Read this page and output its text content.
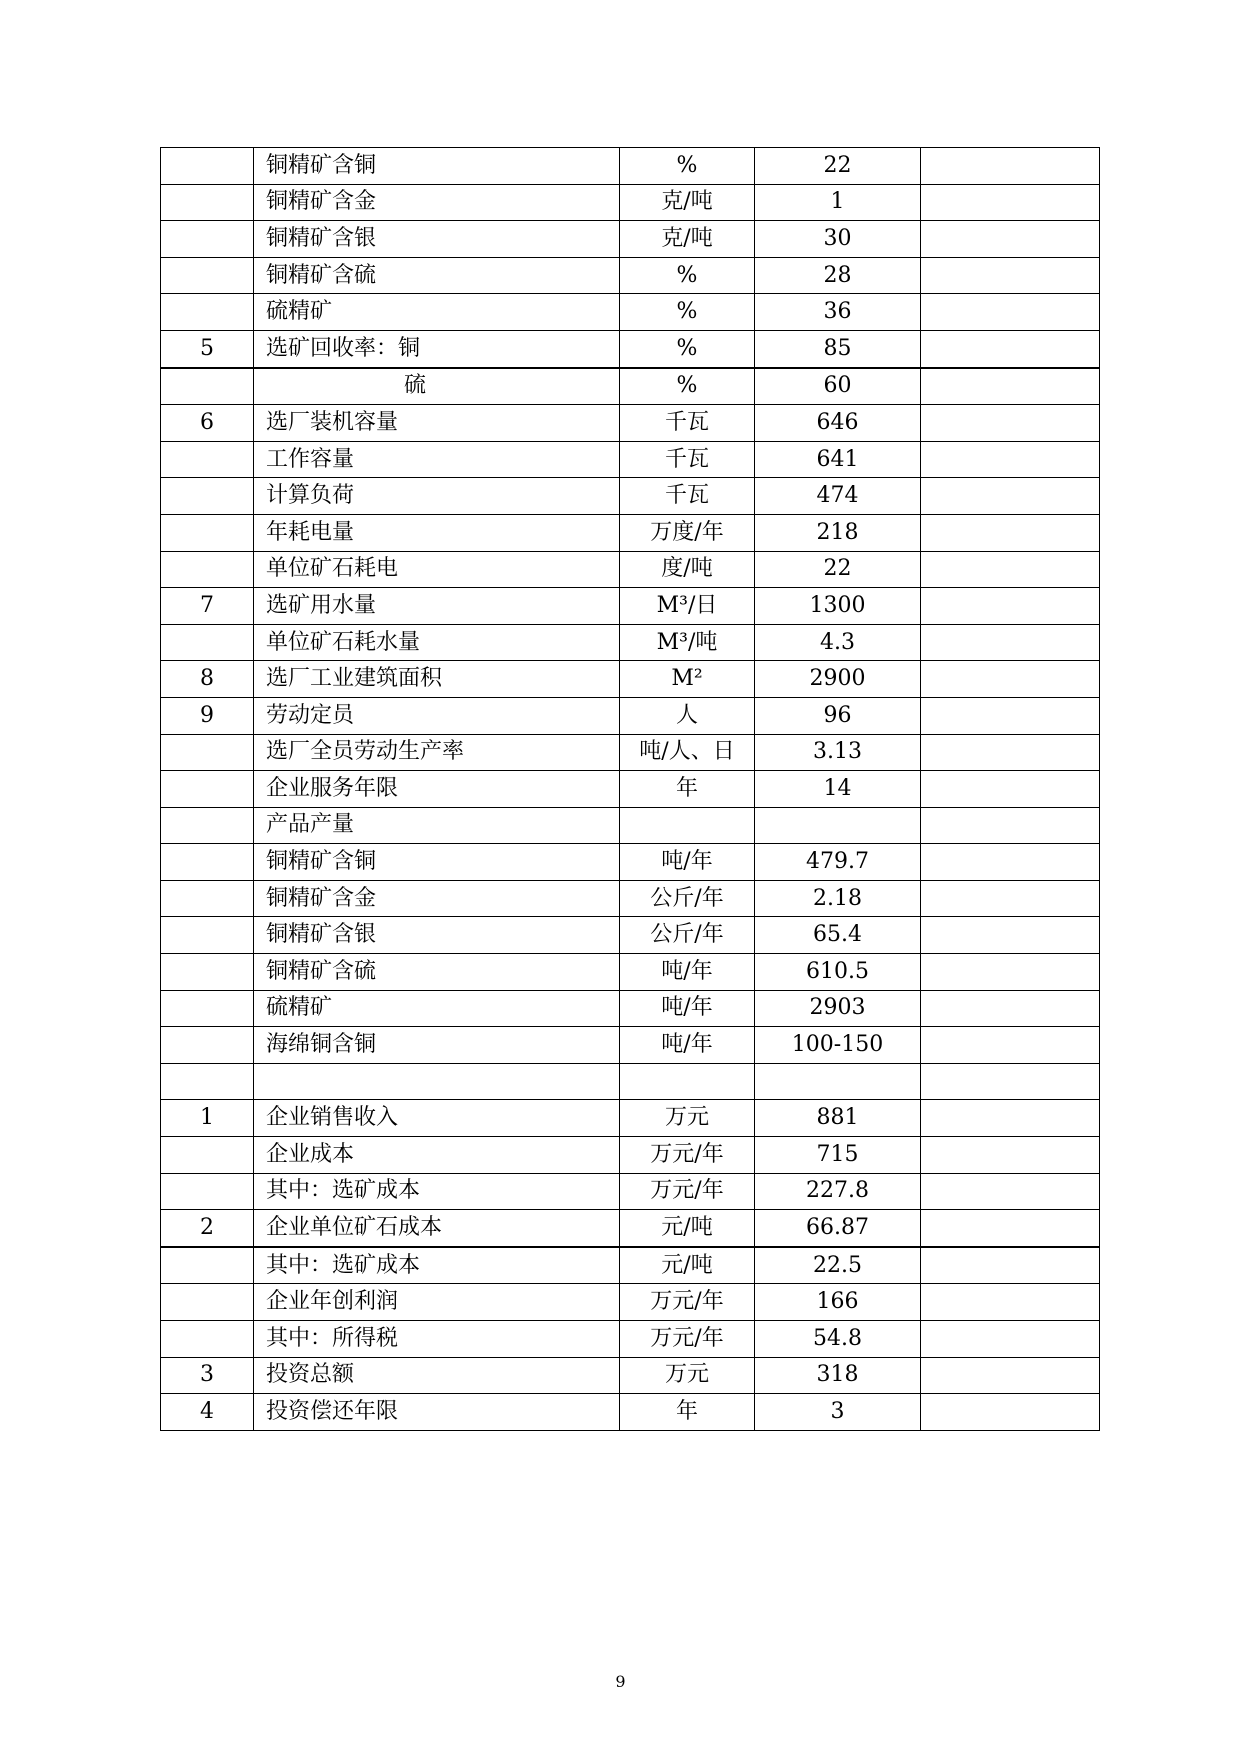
	铜精矿含铜	%	22	
	铜精矿含金	克/吨	1	
	铜精矿含银	克/吨	30	
	铜精矿含硫	%	28	
	硫精矿	%	36	
5	选矿回收率：铜	%	85	
	硫	%	60	
6	选厂装机容量	千瓦	646	
	工作容量	千瓦	641	
	计算负荷	千瓦	474	
	年耗电量	万度/年	218	
	单位矿石耗电	度/吨	22	
7	选矿用水量	M³/日	1300	
	单位矿石耗水量	M³/吨	4.3	
8	选厂工业建筑面积	M²	2900	
9	劳动定员	人	96	
	选厂全员劳动生产率	吨/人、日	3.13	
	企业服务年限	年	14	
	产品产量			
	铜精矿含铜	吨/年	479.7	
	铜精矿含金	公斤/年	2.18	
	铜精矿含银	公斤/年	65.4	
	铜精矿含硫	吨/年	610.5	
	硫精矿	吨/年	2903	
	海绵铜含铜	吨/年	100-150	

1	企业销售收入	万元	881	
	企业成本	万元/年	715	
	其中：选矿成本	万元/年	227.8	
2	企业单位矿石成本	元/吨	66.87	
	其中：选矿成本	元/吨	22.5	
	企业年创利润	万元/年	166	
	其中：所得税	万元/年	54.8	
3	投资总额	万元	318	
4	投资偿还年限	年	3	
9
